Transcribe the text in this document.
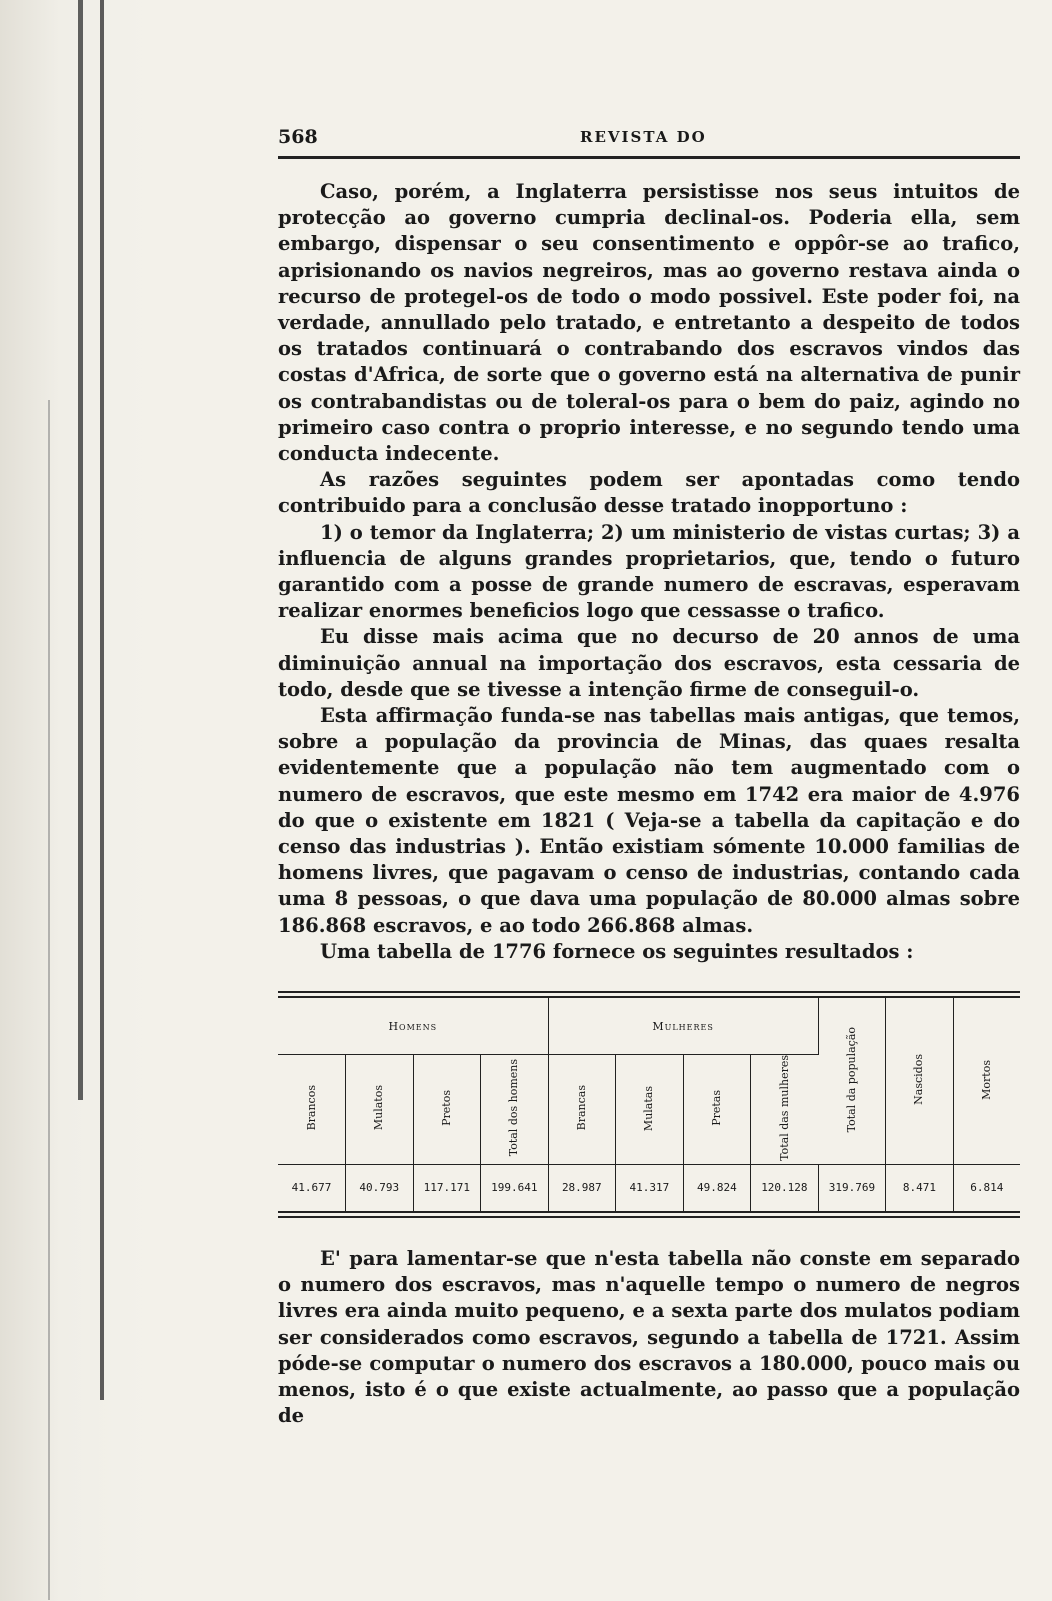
568	REVISTA DO

Caso, porém, a Inglaterra persistisse nos seus intuitos de protecção ao governo cumpria declinal-os. Poderia ella, sem embargo, dispensar o seu consentimento e oppôr-se ao trafico, aprisionando os navios negreiros, mas ao governo restava ainda o recurso de protegel-os de todo o modo possivel. Este poder foi, na verdade, annullado pelo tratado, e entretanto a despeito de todos os tratados continuará o contrabando dos escravos vindos das costas d'Africa, de sorte que o governo está na alternativa de punir os contrabandistas ou de toleral-os para o bem do paiz, agindo no primeiro caso contra o proprio interesse, e no segundo tendo uma conducta indecente.

As razões seguintes podem ser apontadas como tendo contribuido para a conclusão desse tratado inopportuno :

1) o temor da Inglaterra; 2) um ministerio de vistas curtas; 3) a influencia de alguns grandes proprietarios, que, tendo o futuro garantido com a posse de grande numero de escravas, esperavam realizar enormes beneficios logo que cessasse o trafico.

Eu disse mais acima que no decurso de 20 annos de uma diminuição annual na importação dos escravos, esta cessaria de todo, desde que se tivesse a intenção firme de conseguil-o.

Esta affirmação funda-se nas tabellas mais antigas, que temos, sobre a população da provincia de Minas, das quaes resalta evidentemente que a população não tem augmentado com o numero de escravos, que este mesmo em 1742 era maior de 4.976 do que o existente em 1821 ( Veja-se a tabella da capitação e do censo das industrias ). Então existiam sómente 10.000 familias de homens livres, que pagavam o censo de industrias, contando cada uma 8 pessoas, o que dava uma população de 80.000 almas sobre 186.868 escravos, e ao todo 266.868 almas.

Uma tabella de 1776 fornece os seguintes resultados :

Homens				Mulheres				Total da população	Nascidos	Mortos
Brancos	Mulatos	Pretos	Total dos homens	Brancas	Mulatas	Pretas	Total das mulheres			
41.677	40.793	117.171	199.641	28.987	41.317	49.824	120.128	319.769	8.471	6.814

E' para lamentar-se que n'esta tabella não conste em separado o numero dos escravos, mas n'aquelle tempo o numero de negros livres era ainda muito pequeno, e a sexta parte dos mulatos podiam ser considerados como escravos, segundo a tabella de 1721. Assim póde-se computar o numero dos escravos a 180.000, pouco mais ou menos, isto é o que existe actualmente, ao passo que a população de
